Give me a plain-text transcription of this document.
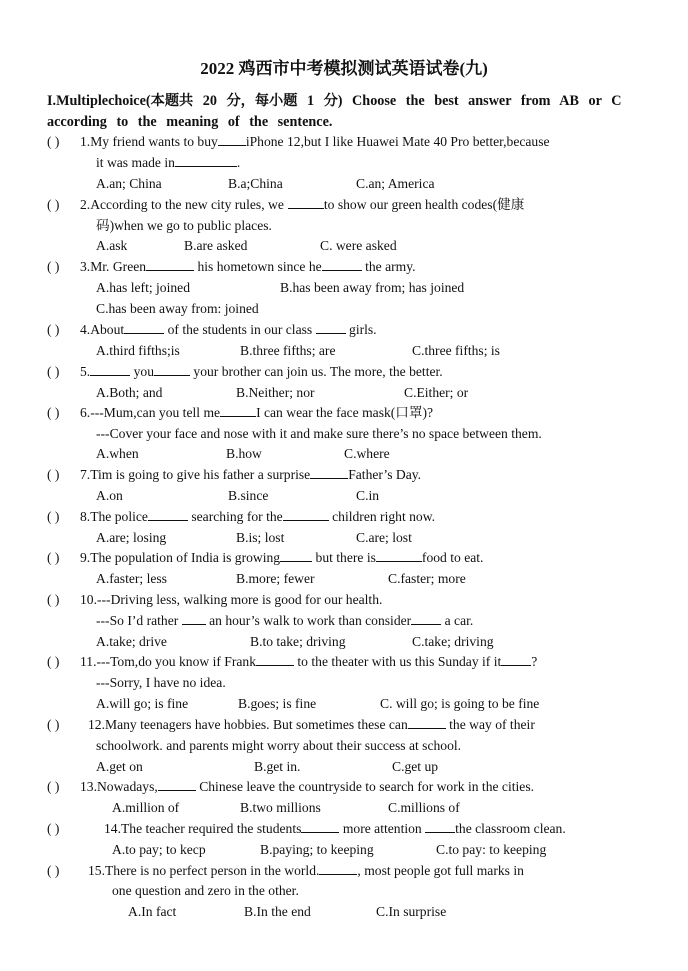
2022 鸡西市中考模拟测试英语试卷(九)
I.Multiplechoice(本题共 20 分，每小题 1 分) Choose the best answer from AB or C
according to the meaning of the sentence.
( ) 1.My friend wants to buy iPhone 12,but I like Huawei Mate 40 Pro better,because
it was made in	.
A.an; China	B.a;China	C.an; America
( ) 2.According to the new city rules, we	to show our green health codes(健康
码)when we go to public places.
A.ask	B.are asked	C. were asked
( ) 3.Mr. Green	his hometown since he	the army.
A.has left; joined	B.has been away from; has joined
C.has been away from: joined
( ) 4.About	of the students in our class	girls.
A.third fifths;is	B.three fifths; are	C.three fifths; is
( ) 5.	you	your brother can join us. The more, the better.
A.Both; and	B.Neither; nor	C.Either; or
( ) 6.---Mum,can you tell me	I can wear the face mask(口罩)?
---Cover your face and nose with it and make sure there’s no space between them.
A.when	B.how	C.where
( ) 7.Tim is going to give his father a surprise	Father’s Day.
A.on	B.since	C.in
( ) 8.The police	searching for the	children right now.
A.are; losing	B.is; lost	C.are; lost
( ) 9.The population of India is growing	but there is	food to eat.
A.faster; less	B.more; fewer	C.faster; more
( ) 10.---Driving less, walking more is good for our health.
---So I’d rather an hour’s walk to work than consider a car.
A.take; drive	B.to take; driving	C.take; driving
( ) 11.---Tom,do you know if Frank	to the theater with us this Sunday if it ?
---Sorry, I have no idea.
A.will go; is fine	B.goes; is fine	C. will go; is going to be fine
( ) 12.Many teenagers have hobbies. But sometimes these can	the way of their
schoolwork. and parents might worry about their success at school.
A.get on	B.get in.	C.get up
( ) 13.Nowadays,	Chinese leave the countryside to search for work in the cities.
A.million of	B.two millions	C.millions of
( )	14.The teacher required the students	more attention the classroom clean.
A.to pay; to kecp	B.paying; to keeping	C.to pay: to keeping
( ) 15.There is no perfect person in the world.	, most people got full marks in
one question and zero in the other.
A.In fact	B.In the end	C.In surprise
